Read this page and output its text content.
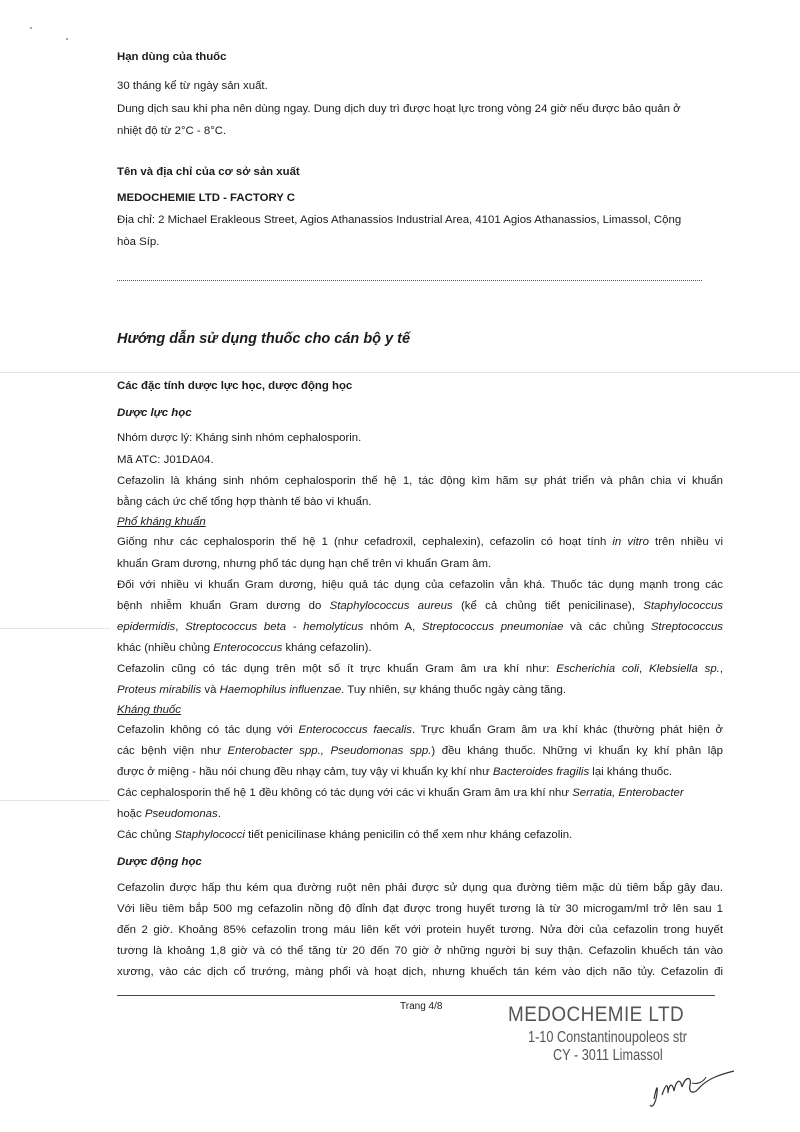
Hạn dùng của thuốc
30 tháng kể từ ngày sản xuất.
Dung dịch sau khi pha nên dùng ngay. Dung dịch duy trì được hoạt lực trong vòng 24 giờ nếu được bảo quản ở
nhiệt độ từ 2°C - 8°C.
Tên và địa chỉ của cơ sở sản xuất
MEDOCHEMIE LTD - FACTORY C
Địa chỉ: 2 Michael Erakleous Street, Agios Athanassios Industrial Area, 4101 Agios Athanassios, Limassol, Cộng
hòa Síp.
Hướng dẫn sử dụng thuốc cho cán bộ y tế
Các đặc tính dược lực học, dược động học
Dược lực học
Nhóm dược lý: Kháng sinh nhóm cephalosporin.
Mã ATC: J01DA04.
Cefazolin là kháng sinh nhóm cephalosporin thế hệ 1, tác động kìm hãm sự phát triển và phân chia vi khuẩn
bằng cách ức chế tổng hợp thành tế bào vi khuẩn.
Phổ kháng khuẩn
Giống như các cephalosporin thế hệ 1 (như cefadroxil, cephalexin), cefazolin có hoạt tính in vitro trên nhiều vi
khuẩn Gram dương, nhưng phổ tác dụng hạn chế trên vi khuẩn Gram âm.
Đối với nhiều vi khuẩn Gram dương, hiệu quả tác dụng của cefazolin vẫn khá. Thuốc tác dụng mạnh trong các
bệnh nhiễm khuẩn Gram dương do Staphylococcus aureus (kể cả chủng tiết penicilinase), Staphylococcus
epidermidis, Streptococcus beta - hemolyticus nhóm A, Streptococcus pneumoniae và các chủng Streptococcus
khác (nhiều chủng Enterococcus kháng cefazolin).
Cefazolin cũng có tác dụng trên một số ít trực khuẩn Gram âm ưa khí như: Escherichia coli, Klebsiella sp.,
Proteus mirabilis và Haemophilus influenzae. Tuy nhiên, sự kháng thuốc ngày càng tăng.
Kháng thuốc
Cefazolin không có tác dụng với Enterococcus faecalis. Trực khuẩn Gram âm ưa khí khác (thường phát hiện ở
các bệnh viện như Enterobacter spp., Pseudomonas spp.) đều kháng thuốc. Những vi khuẩn kỵ khí phân lập
được ở miệng - hầu nói chung đều nhạy cảm, tuy vậy vi khuẩn kỵ khí như Bacteroides fragilis lại kháng thuốc.
Các cephalosporin thế hệ 1 đều không có tác dụng với các vi khuẩn Gram âm ưa khí như Serratia, Enterobacter
hoặc Pseudomonas.
Các chủng Staphylococci tiết penicilinase kháng penicilin có thể xem như kháng cefazolin.
Dược động học
Cefazolin được hấp thu kém qua đường ruột nên phải được sử dụng qua đường tiêm mặc dù tiêm bắp gây đau.
Với liều tiêm bắp 500 mg cefazolin nồng độ đỉnh đạt được trong huyết tương là từ 30 microgam/ml trở lên sau 1
đến 2 giờ. Khoảng 85% cefazolin trong máu liên kết với protein huyết tương. Nửa đời của cefazolin trong huyết
tương là khoảng 1,8 giờ và có thể tăng từ 20 đến 70 giờ ở những người bị suy thận. Cefazolin khuếch tán vào
xương, vào các dịch cổ trướng, màng phổi và hoạt dịch, nhưng khuếch tán kém vào dịch não tủy. Cefazolin đi
Trang 4/8	MEDOCHEMIE LTD
1-10 Constantinoupoleos str
CY - 3011 Limassol
